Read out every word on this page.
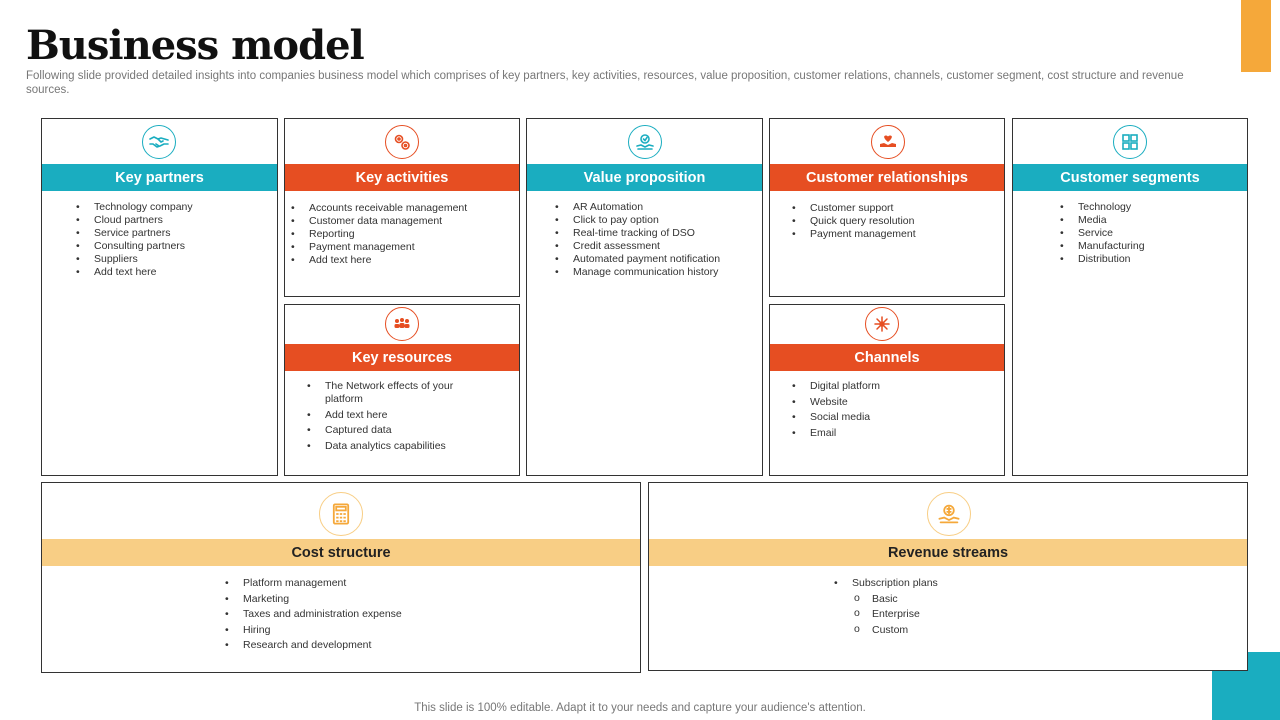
Business model

Following slide provided detailed insights into companies business model which comprises of key partners, key activities, resources, value proposition, customer relations, channels, customer segment, cost structure and revenue sources.

Key partners
• Technology company
• Cloud partners
• Service partners
• Consulting partners
• Suppliers
• Add text here
Key activities
• Accounts receivable management
• Customer data management
• Reporting
• Payment management
• Add text here
Key resources
• The Network effects of your platform
• Add text here
• Captured data
• Data analytics capabilities
Value proposition
• AR Automation
• Click to pay option
• Real-time tracking of DSO
• Credit assessment
• Automated payment notification
• Manage communication history
Customer relationships
• Customer support
• Quick query resolution
• Payment management
Channels
• Digital platform
• Website
• Social media
• Email
Customer segments
• Technology
• Media
• Service
• Manufacturing
• Distribution
Cost structure
• Platform management
• Marketing
• Taxes and administration expense
• Hiring
• Research and development
Revenue streams
• Subscription plans
o Basic
o Enterprise
o Custom
This slide is 100% editable. Adapt it to your needs and capture your audience's attention.
